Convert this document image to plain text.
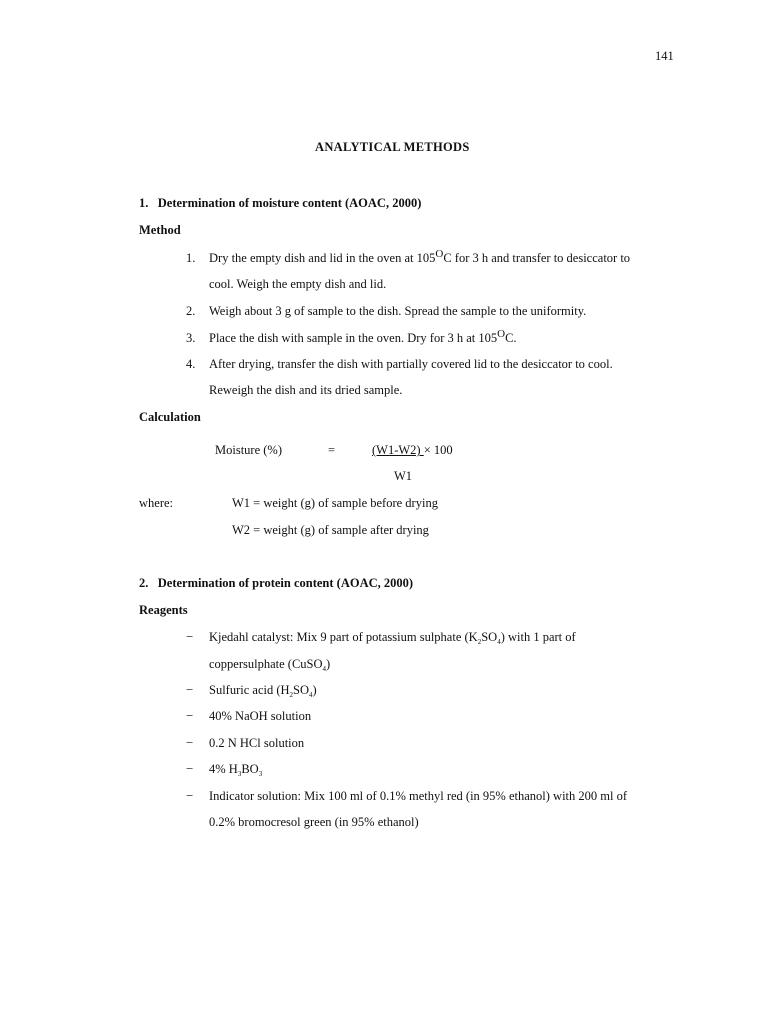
141
ANALYTICAL METHODS
1.   Determination of moisture content (AOAC, 2000)
Method
1. Dry the empty dish and lid in the oven at $105^OC$ for 3 h and transfer to desiccator to
cool. Weigh the empty dish and lid.
2. Weigh about 3 g of sample to the dish. Spread the sample to the uniformity.
3. Place the dish with sample in the oven. Dry for 3 h at $105^OC$.
4. After drying, transfer the dish with partially covered lid to the desiccator to cool.
Reweigh the dish and its dried sample.
Calculation
Moisture (%)	=	(W1-W2) × 100
W1
where:	W1 = weight (g) of sample before drying
W2 = weight (g) of sample after drying
2.   Determination of protein content (AOAC, 2000)
Reagents
− Kjedahl catalyst: Mix 9 part of potassium sulphate $(K_2SO_4)$ with 1 part of
coppersulphate (CuSO$_4$)
− Sulfuric acid $(H_2SO_4)$
− 40% NaOH solution
− 0.2 N HCl solution
− 4% $H_3BO_3$
− Indicator solution: Mix 100 ml of 0.1% methyl red (in 95% ethanol) with 200 ml of
0.2% bromocresol green (in 95% ethanol)
